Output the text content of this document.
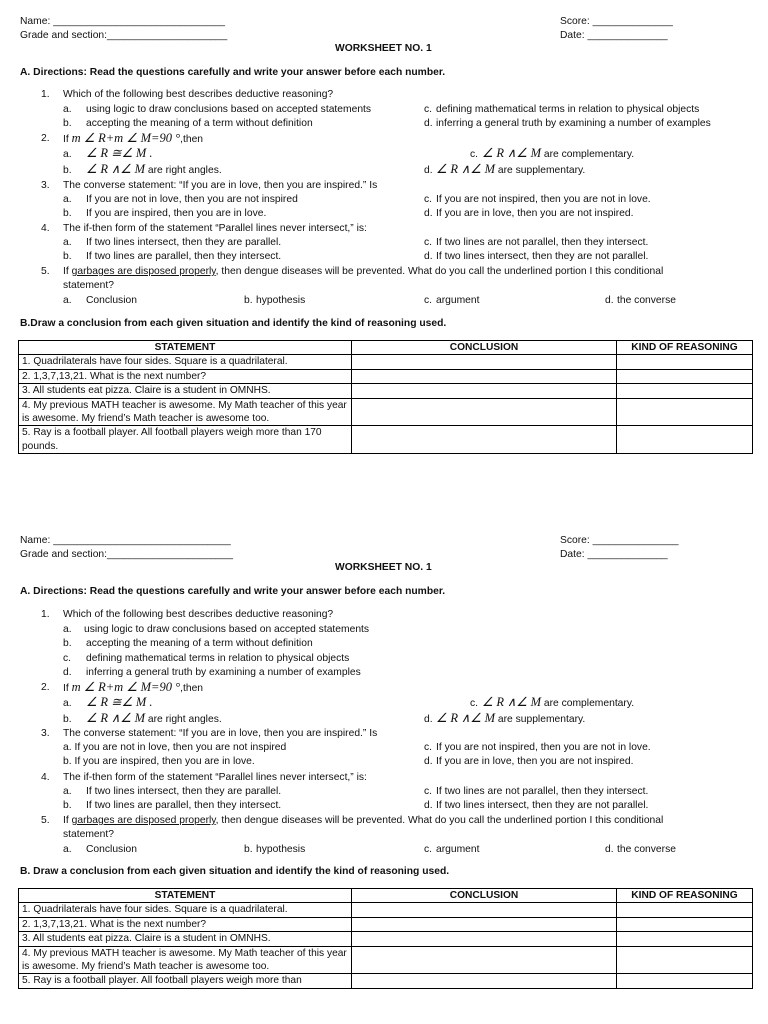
Name: ______________________________
Grade and section:_____________________
Score: ______________
Date: ______________
WORKSHEET NO. 1
A. Directions: Read the questions carefully and write your answer before each number.
1. Which of the following best describes deductive reasoning?
a. using logic to draw conclusions based on accepted statements	c. defining mathematical terms in relation to physical objects
b. accepting the meaning of a term without definition	d. inferring a general truth by examining a number of examples
2. If m ∠ R+m ∠ M=90 °,then
a. ∠ R ≅∠ M .	c. ∠ R ∧∠ M are complementary.
b. ∠ R ∧∠ M are right angles.	d. ∠ R ∧∠ M are supplementary.
3. The converse statement: “If you are in love, then you are inspired.” Is
a. If you are not in love, then you are not inspired	c. If you are not inspired, then you are not in love.
b. If you are inspired, then you are in love.	d. If you are in love, then you are not inspired.
4. The if-then form of the statement “Parallel lines never intersect,” is:
a. If two lines intersect, then they are parallel.	c. If two lines are not parallel, then they intersect.
b. If two lines are parallel, then they intersect.	d. If two lines intersect, then they are not parallel.
5. If garbages are disposed properly, then dengue diseases will be prevented. What do you call the underlined portion I this conditional
statement?
a. Conclusion	b. hypothesis	c. argument	d. the converse
B.Draw a conclusion from each given situation and identify the kind of reasoning used.
STATEMENT	CONCLUSION	KIND OF REASONING
1. Quadrilaterals have four sides. Square is a quadrilateral.		
2. 1,3,7,13,21. What is the next number?		
3. All students eat pizza. Claire is a student in OMNHS.		
4. My previous MATH teacher is awesome. My Math teacher of this year is awesome. My friend’s Math teacher is awesome too.		
5. Ray is a football player. All football players weigh more than 170 pounds.		
Name: _______________________________
Grade and section:______________________
Score: _______________
Date: ______________
WORKSHEET NO. 1
A. Directions: Read the questions carefully and write your answer before each number.
1. Which of the following best describes deductive reasoning?
a. using logic to draw conclusions based on accepted statements
b. accepting the meaning of a term without definition
c. defining mathematical terms in relation to physical objects
d. inferring a general truth by examining a number of examples
2. If m ∠ R+m ∠ M=90 °,then
a. ∠ R ≅∠ M .	c. ∠ R ∧∠ M are complementary.
b. ∠ R ∧∠ M are right angles.	d. ∠ R ∧∠ M are supplementary.
3. The converse statement: “If you are in love, then you are inspired.” Is
a. If you are not in love, then you are not inspired	c. If you are not inspired, then you are not in love.
b. If you are inspired, then you are in love.	d. If you are in love, then you are not inspired.
4. The if-then form of the statement “Parallel lines never intersect,” is:
a. If two lines intersect, then they are parallel.	c. If two lines are not parallel, then they intersect.
b. If two lines are parallel, then they intersect.	d. If two lines intersect, then they are not parallel.
5. If garbages are disposed properly, then dengue diseases will be prevented. What do you call the underlined portion I this conditional
statement?
a. Conclusion	b. hypothesis	c. argument	d. the converse
B. Draw a conclusion from each given situation and identify the kind of reasoning used.
STATEMENT	CONCLUSION	KIND OF REASONING
1. Quadrilaterals have four sides. Square is a quadrilateral.		
2. 1,3,7,13,21. What is the next number?		
3. All students eat pizza. Claire is a student in OMNHS.		
4. My previous MATH teacher is awesome. My Math teacher of this year is awesome. My friend’s Math teacher is awesome too.		
5. Ray is a football player. All football players weigh more than		
